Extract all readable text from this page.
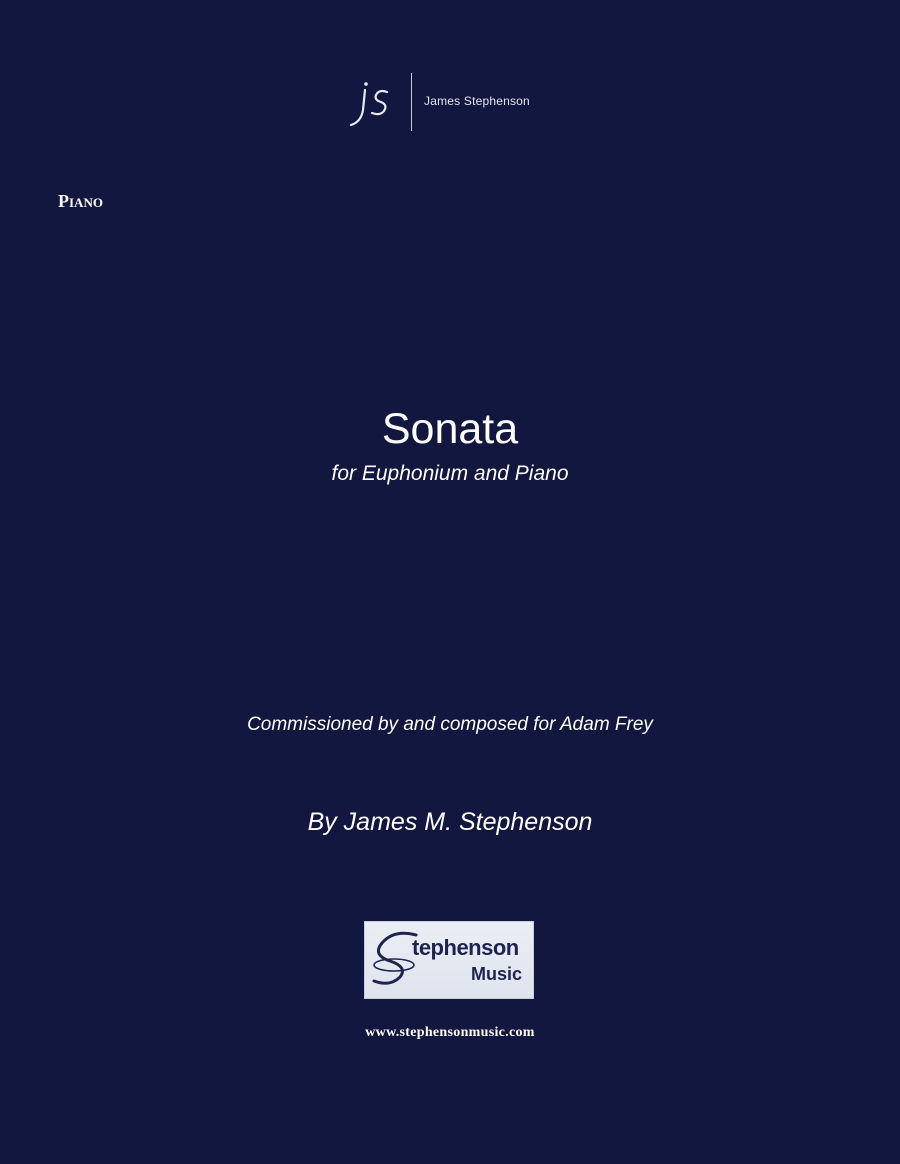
James Stephenson
Piano
Sonata
for Euphonium and Piano
Commissioned by and composed for Adam Frey
By James M. Stephenson
tephenson
Music
www.stephensonmusic.com
